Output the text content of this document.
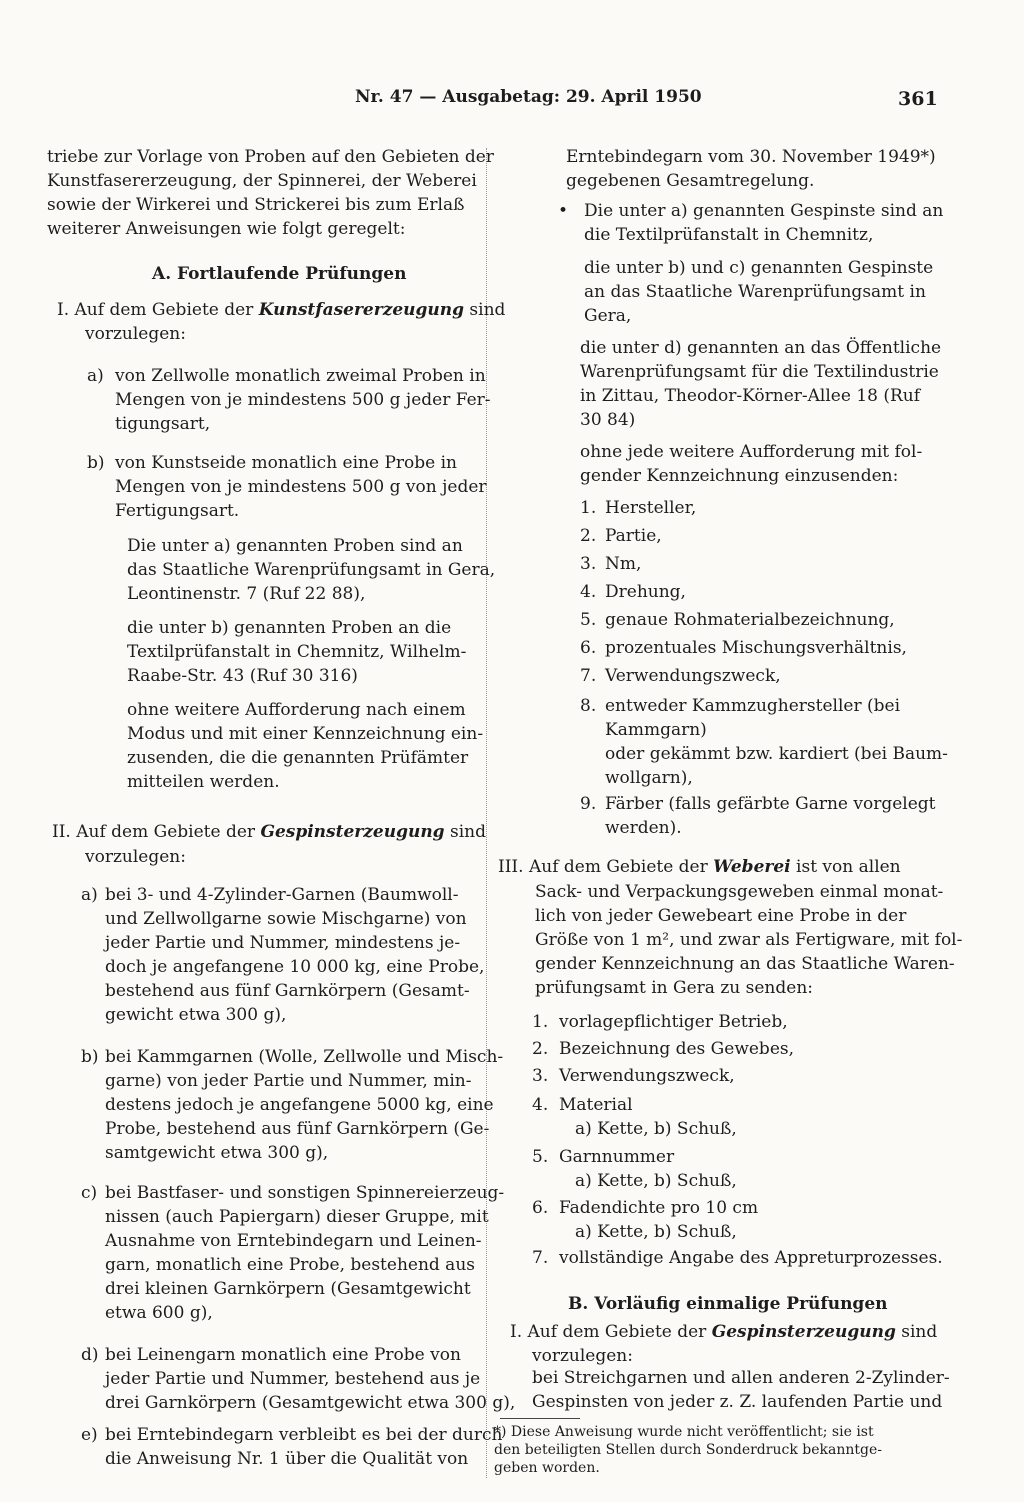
Nr. 47 — Ausgabetag: 29. April 1950	361
triebe zur Vorlage von Proben auf den Gebieten der
Kunstfasererzeugung, der Spinnerei, der Weberei
sowie der Wirkerei und Strickerei bis zum Erlaß
weiterer Anweisungen wie folgt geregelt:
A. Fortlaufende Prüfungen
I. Auf dem Gebiete der Kunstfasererzeugung sind
vorzulegen:
a) von Zellwolle monatlich zweimal Proben in
Mengen von je mindestens 500 g jeder Fer-
tigungsart,
b) von Kunstseide monatlich eine Probe in
Mengen von je mindestens 500 g von jeder
Fertigungsart.
Die unter a) genannten Proben sind an
das Staatliche Warenprüfungsamt in Gera,
Leontinenstr. 7 (Ruf 22 88),
die unter b) genannten Proben an die
Textilprüfanstalt in Chemnitz, Wilhelm-
Raabe-Str. 43 (Ruf 30 316)
ohne weitere Aufforderung nach einem
Modus und mit einer Kennzeichnung ein-
zusenden, die die genannten Prüfämter
mitteilen werden.
II. Auf dem Gebiete der Gespinsterzeugung sind
vorzulegen:
a) bei 3- und 4-Zylinder-Garnen (Baumwoll-
und Zellwollgarne sowie Mischgarne) von
jeder Partie und Nummer, mindestens je-
doch je angefangene 10 000 kg, eine Probe,
bestehend aus fünf Garnkörpern (Gesamt-
gewicht etwa 300 g),
b) bei Kammgarnen (Wolle, Zellwolle und Misch-
garne) von jeder Partie und Nummer, min-
destens jedoch je angefangene 5000 kg, eine
Probe, bestehend aus fünf Garnkörpern (Ge-
samtgewicht etwa 300 g),
c) bei Bastfaser- und sonstigen Spinnereierzeug-
nissen (auch Papiergarn) dieser Gruppe, mit
Ausnahme von Erntebindegarn und Leinen-
garn, monatlich eine Probe, bestehend aus
drei kleinen Garnkörpern (Gesamtgewicht
etwa 600 g),
d) bei Leinengarn monatlich eine Probe von
jeder Partie und Nummer, bestehend aus je
drei Garnkörpern (Gesamtgewicht etwa 300 g),
e) bei Erntebindegarn verbleibt es bei der durch
die Anweisung Nr. 1 über die Qualität von
Erntebindegarn vom 30. November 1949*)
gegebenen Gesamtregelung.
• Die unter a) genannten Gespinste sind an
die Textilprüfanstalt in Chemnitz,
die unter b) und c) genannten Gespinste
an das Staatliche Warenprüfungsamt in
Gera,
die unter d) genannten an das Öffentliche
Warenprüfungsamt für die Textilindustrie
in Zittau, Theodor-Körner-Allee 18 (Ruf
30 84)
ohne jede weitere Aufforderung mit fol-
gender Kennzeichnung einzusenden:
1. Hersteller,
2. Partie,
3. Nm,
4. Drehung,
5. genaue Rohmaterialbezeichnung,
6. prozentuales Mischungsverhältnis,
7. Verwendungszweck,
8. entweder Kammzughersteller (bei
Kammgarn)
oder gekämmt bzw. kardiert (bei Baum-
wollgarn),
9. Färber (falls gefärbte Garne vorgelegt
werden).
III. Auf dem Gebiete der Weberei ist von allen
Sack- und Verpackungsgeweben einmal monat-
lich von jeder Gewebeart eine Probe in der
Größe von 1 m², und zwar als Fertigware, mit fol-
gender Kennzeichnung an das Staatliche Waren-
prüfungsamt in Gera zu senden:
1. vorlagepflichtiger Betrieb,
2. Bezeichnung des Gewebes,
3. Verwendungszweck,
4. Material
a) Kette, b) Schuß,
5. Garnnummer
a) Kette, b) Schuß,
6. Fadendichte pro 10 cm
a) Kette, b) Schuß,
7. vollständige Angabe des Appreturprozesses.
B. Vorläufig einmalige Prüfungen
I. Auf dem Gebiete der Gespinsterzeugung sind
vorzulegen:
bei Streichgarnen und allen anderen 2-Zylinder-
Gespinsten von jeder z. Z. laufenden Partie und
*) Diese Anweisung wurde nicht veröffentlicht; sie ist
den beteiligten Stellen durch Sonderdruck bekanntge-
geben worden.
